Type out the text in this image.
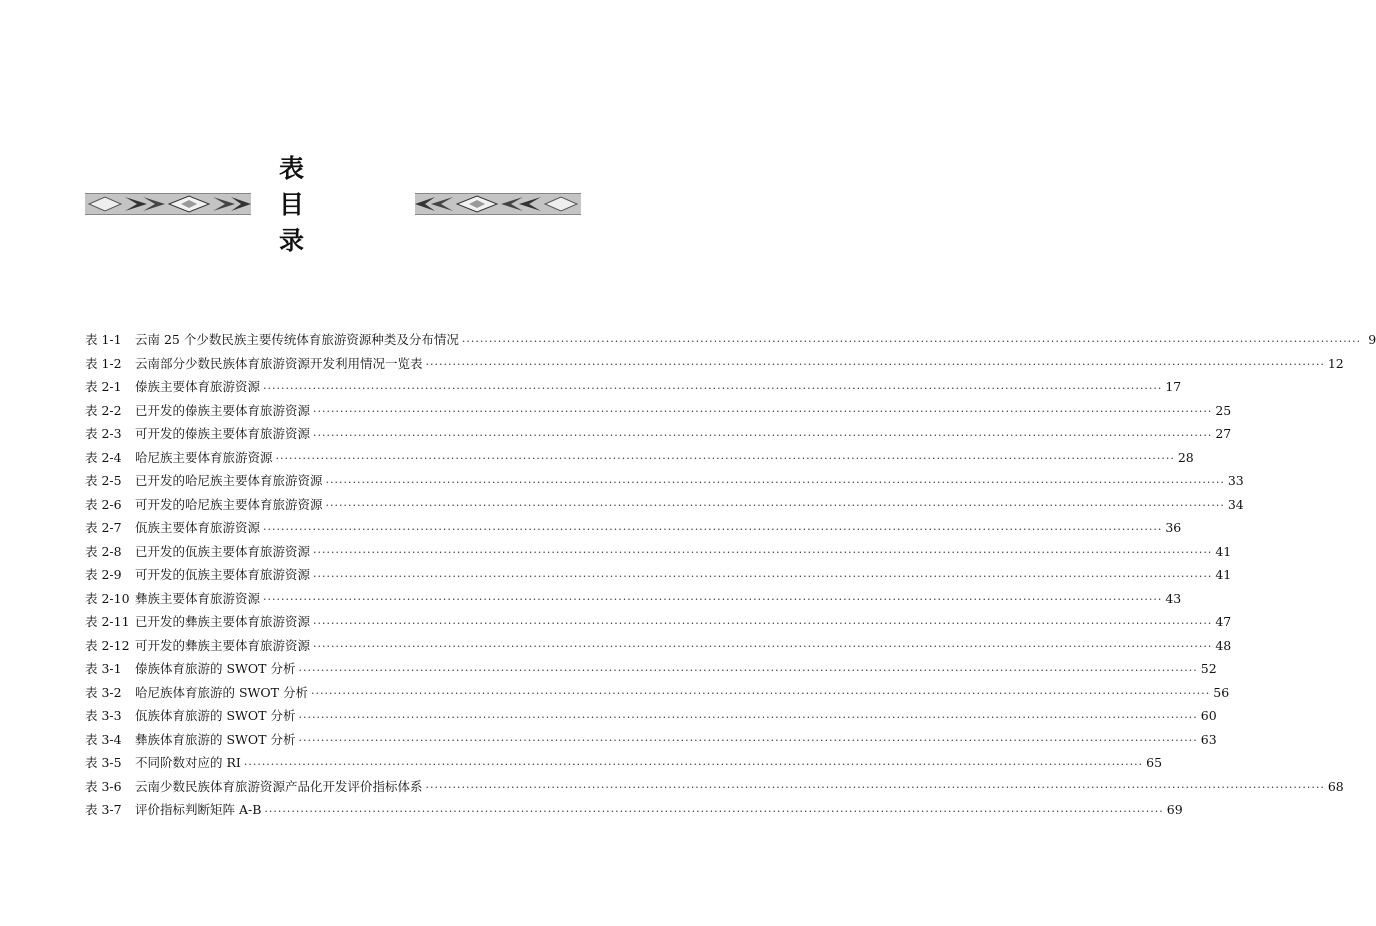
表 目 录
表 1-1	云南 25 个少数民族主要传统体育旅游资源种类及分布情况 ········································································································································································································ 9
表 1-2	云南部分少数民族体育旅游资源开发利用情况一览表 ········································································································································································································ 12
表 2-1	傣族主要体育旅游资源 ········································································································································································································ 17
表 2-2	已开发的傣族主要体育旅游资源 ········································································································································································································ 25
表 2-3	可开发的傣族主要体育旅游资源 ········································································································································································································ 27
表 2-4	哈尼族主要体育旅游资源 ········································································································································································································ 28
表 2-5	已开发的哈尼族主要体育旅游资源 ········································································································································································································ 33
表 2-6	可开发的哈尼族主要体育旅游资源 ········································································································································································································ 34
表 2-7	佤族主要体育旅游资源 ········································································································································································································ 36
表 2-8	已开发的佤族主要体育旅游资源 ········································································································································································································ 41
表 2-9	可开发的佤族主要体育旅游资源 ········································································································································································································ 41
表 2-10 彝族主要体育旅游资源 ········································································································································································································ 43
表 2-11 已开发的彝族主要体育旅游资源 ········································································································································································································ 47
表 2-12 可开发的彝族主要体育旅游资源 ········································································································································································································ 48
表 3-1	傣族体育旅游的 SWOT 分析 ········································································································································································································ 52
表 3-2	哈尼族体育旅游的 SWOT 分析 ········································································································································································································ 56
表 3-3	佤族体育旅游的 SWOT 分析 ········································································································································································································ 60
表 3-4	彝族体育旅游的 SWOT 分析 ········································································································································································································ 63
表 3-5	不同阶数对应的 RI ········································································································································································································ 65
表 3-6	云南少数民族体育旅游资源产品化开发评价指标体系 ········································································································································································································ 68
表 3-7	评价指标判断矩阵 A-B ········································································································································································································ 69
